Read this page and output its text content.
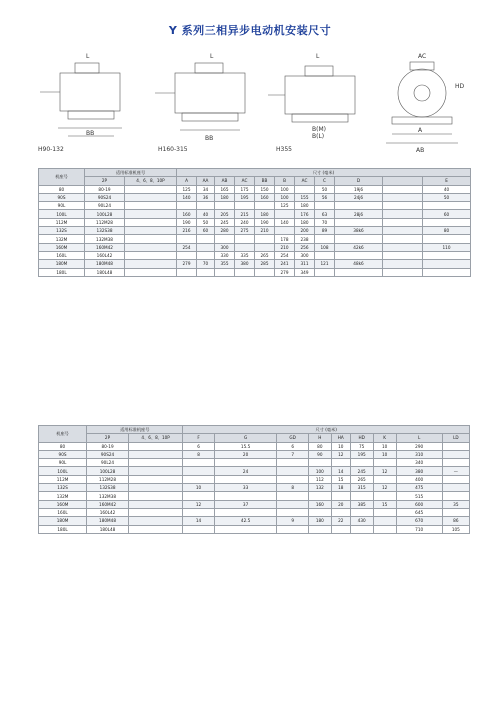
Y 系列三相异步电动机安装尺寸
H90-132
L
BB
H160-315
L
BB
H355
L
B(M)
B(L)
AC
A
AB
HD
机座号	适用标准机座号		尺寸 (毫米)										
	2P	4、6、8、10P	A	AA	AB	AC	BB	B	AC	C	D		E
80	80-19		125	34	165	175	150	100		50	19j6		40
90S	90S24		140	36	180	195	160	100	155	56	24j6		50
90L	90L24							125	180				
100L	100L28		160	40	205	215	180		176	63	28j6		60
112M	112M28		190	50	245	240	190	140	180	70			
132S	132S38		216	60	280	275	210		200	89	38k6		80
132M	132M38							178	238				
160M	160M42		254		300			210	256	108	42k6		110
160L	160L42				330	335	265	254	300				
180M	180M48		279	70	355	380	285	241	311	121	48k6		
180L	180L48							279	349				
机座号	适用标准机座号		尺寸 (毫米)								
	2P	4、6、8、10P	F	G	GD	H	HA	HD	K	L	LD
80	80-19		6	15.5	6	80	10	75	10	290	
90S	90S24		8	20	7	90	12	195	10	310	
90L	90L24									340	
100L	100L28			24		100	14	245	12	380	—
112M	112M28					112	15	265		400	
132S	132S38		10	33	8	132	18	315	12	475	
132M	132M38									515	
160M	160M42		12	37		160	20	385	15	600	35
160L	160L42									645	
180M	180M48		14	42.5	9	180	22	430		670	86
180L	180L48									710	105
